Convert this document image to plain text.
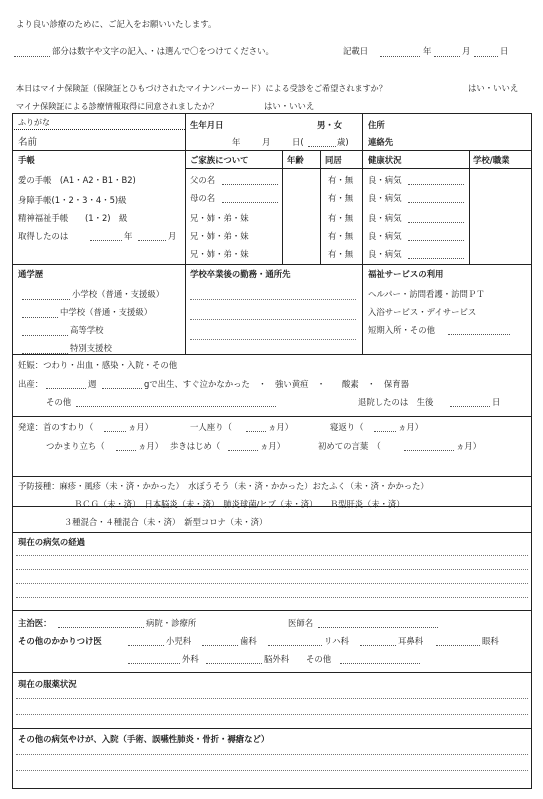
より良い診療のために、ご記入をお願いいたします。
部分は数字や文字の記入、・は選んで〇をつけてください。	記載日	年	月	日
本日はマイナ保険証（保険証とひもづけされたマイナンバーカード）による受診をご希望されますか？	はい・いいえ
マイナ保険証による診療情報取得に同意されましたか？	はい・いいえ
ふりがな
名前
生年月日	男・女
年	月	日(	歳)
住所
連絡先
手帳
愛の手帳　(A1・A2・B1・B2)
身障手帳(1・2・3・4・5)級
精神福祉手帳　　(1・2)　級
取得したのは	年	月
ご家族について	年齢	同居	健康状況	学校/職業
父の名	有・無 良・病気
母の名	有・無 良・病気
兄・姉・弟・妹	有・無 良・病気
兄・姉・弟・妹	有・無 良・病気
兄・姉・弟・妹	有・無 良・病気
通学歴
小学校（普通・支援級）
中学校（普通・支援級）
高等学校
特別支援校
学校卒業後の勤務・通所先	福祉サービスの利用
ヘルパー・訪問看護・訪問ＰＴ
入浴サービス・デイサービス
短期入所・その他
妊娠：つわり・出血・感染・入院・その他
出産：	週	gで出生、すぐ泣かなかった　・　強い黄疸　・　　酸素　・　保育器
その他	退院したのは　生後	日
発達：首のすわり（	ヵ月）	一人座り（	ヵ月）	寝返り（	ヵ月）
つかまり立ち（	ヵ月） 歩きはじめ（	ヵ月）	初めての言葉　（	ヵ月）
予防接種：麻疹・風疹（未・済・かかった）　水ぼうそう（未・済・かかった）おたふく（未・済・かかった）
ＢＣＧ（未・済）　日本脳炎（未・済）　肺炎球菌/ヒブ（未・済）　　Ｂ型肝炎（未・済）
３種混合・４種混合（未・済）　新型コロナ（未・済）
現在の病気の経過
主治医：	病院・診療所	医師名
その他のかかりつけ医	小児科	歯科	リハ科	耳鼻科	眼科
外科	脳外科 その他
現在の服薬状況
その他の病気やけが、入院（手術、誤嚥性肺炎・骨折・褥瘡など）
